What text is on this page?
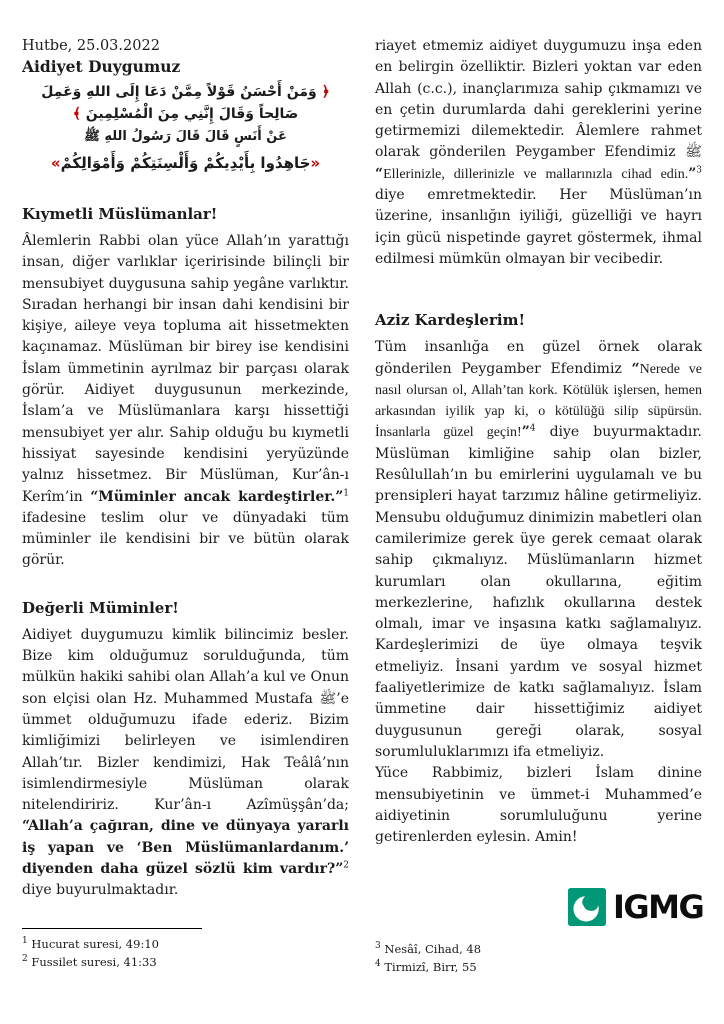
Hutbe, 25.03.2022
Aidiyet Duygumuz

﴿ وَمَنْ أَحْسَنُ قَوْلاً مِمَّنْ دَعَا إِلَى اللهِ وَعَمِلَ صَالِحاً وَقَالَ إِنَّنِي مِنَ الْمُسْلِمِينَ ﴾

عَنْ أَنَسٍ قَالَ قَالَ رَسُولُ اللهِ ﷺ

«جَاهِدُوا بِأَيْدِيكُمْ وَأَلْسِنَتِكُمْ وَأَمْوَالِكُمْ»

Kıymetli Müslümanlar!

Âlemlerin Rabbi olan yüce Allah’ın yarattığı insan, diğer varlıklar içeririsinde bilinçli bir mensubiyet duygusuna sahip yegâne varlıktır. Sıradan herhangi bir insan dahi kendisini bir kişiye, aileye veya topluma ait hissetmekten kaçınamaz. Müslüman bir birey ise kendisini İslam ümmetinin ayrılmaz bir parçası olarak görür. Aidiyet duygusunun merkezinde, İslam’a ve Müslümanlara karşı hissettiği mensubiyet yer alır. Sahip olduğu bu kıymetli hissiyat sayesinde kendisini yeryüzünde yalnız hissetmez. Bir Müslüman, Kur’ân-ı Kerîm’in “Müminler ancak kardeştirler.”$^1$ ifadesine teslim olur ve dünyadaki tüm müminler ile kendisini bir ve bütün olarak görür.

Değerli Müminler!

Aidiyet duygumuzu kimlik bilincimiz besler. Bize kim olduğumuz sorulduğunda, tüm mülkün hakiki sahibi olan Allah’a kul ve Onun son elçisi olan Hz. Muhammed Mustafa ﷺ’e ümmet olduğumuzu ifade ederiz. Bizim kimliğimizi belirleyen ve isimlendiren Allah’tır. Bizler kendimizi, Hak Teâlâ’nın isimlendirmesiyle Müslüman olarak nitelendiririz. Kur’ân-ı Azîmüşşân’da; “Allah’a çağıran, dine ve dünyaya yararlı iş yapan ve ‘Ben Müslümanlardanım.’ diyenden daha güzel sözlü kim vardır?”$^2$ diye buyurulmaktadır.

riayet etmemiz aidiyet duygumuzu inşa eden en belirgin özelliktir. Bizleri yoktan var eden Allah (c.c.), inançlarımıza sahip çıkmamızı ve en çetin durumlarda dahi gereklerini yerine getirmemizi dilemektedir. Âlemlere rahmet olarak gönderilen Peygamber Efendimiz ﷺ “Ellerinizle, dillerinizle ve mallarınızla cihad edin.”$^3$ diye emretmektedir. Her Müslüman’ın üzerine, insanlığın iyiliği, güzelliği ve hayrı için gücü nispetinde gayret göstermek, ihmal edilmesi mümkün olmayan bir vecibedir.

Aziz Kardeşlerim!

Tüm insanlığa en güzel örnek olarak gönderilen Peygamber Efendimiz “Nerede ve nasıl olursan ol, Allah’tan kork. Kötülük işlersen, hemen arkasından iyilik yap ki, o kötülüğü silip süpürsün. İnsanlarla güzel geçin!”$^4$ diye buyurmaktadır. Müslüman kimliğine sahip olan bizler, Resûlullah’ın bu emirlerini uygulamalı ve bu prensipleri hayat tarzımız hâline getirmeliyiz. Mensubu olduğumuz dinimizin mabetleri olan camilerimize gerek üye gerek cemaat olarak sahip çıkmalıyız. Müslümanların hizmet kurumları olan okullarına, eğitim merkezlerine, hafızlık okullarına destek olmalı, imar ve inşasına katkı sağlamalıyız. Kardeşlerimizi de üye olmaya teşvik etmeliyiz. İnsani yardım ve sosyal hizmet faaliyetlerimize de katkı sağlamalıyız. İslam ümmetine dair hissettiğimiz aidiyet duygusunun gereği olarak, sosyal sorumluluklarımızı ifa etmeliyiz.

Yüce Rabbimiz, bizleri İslam dinine mensubiyetinin ve ümmet-i Muhammed’e aidiyetinin sorumluluğunu yerine getirenlerden eylesin. Amin!

$^1$ Hucurat suresi, 49:10

$^2$ Fussilet suresi, 41:33

$^3$ Nesâî, Cihad, 48

$^4$ Tirmizî, Birr, 55

IGMG
